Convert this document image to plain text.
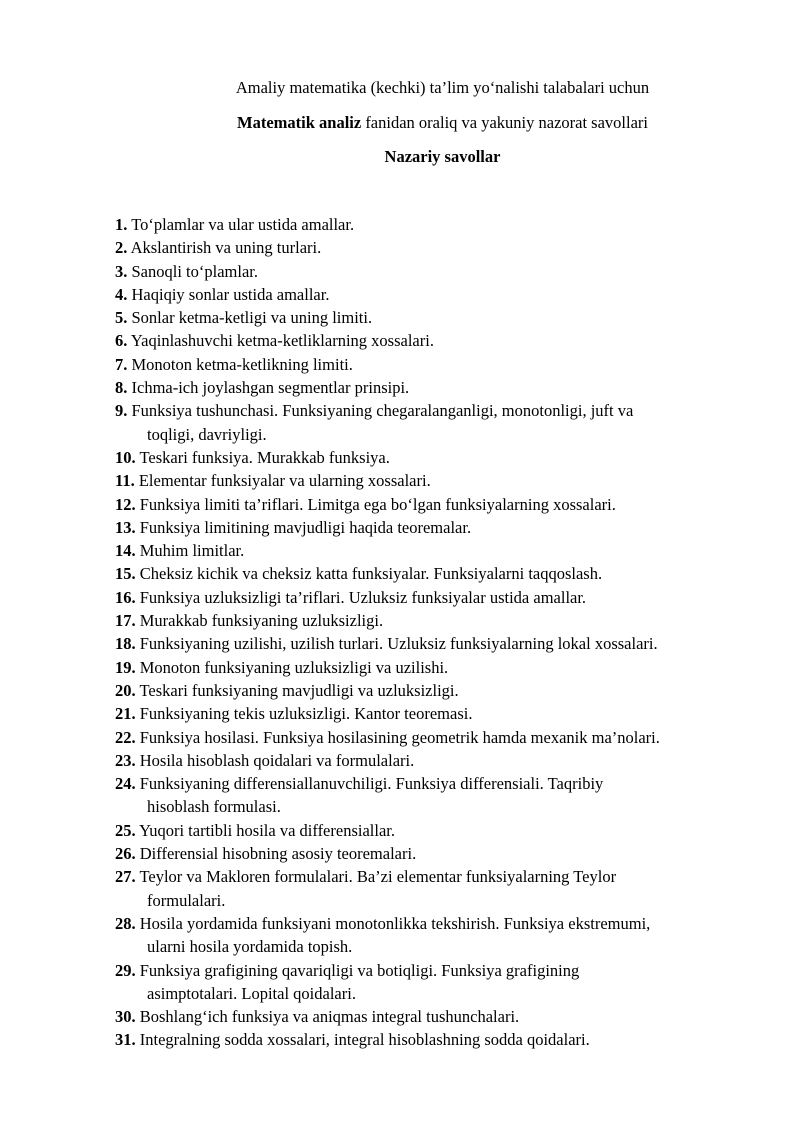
Amaliy matematika (kechki) ta’lim yo‘nalishi talabalari uchun
Matematik analiz fanidan oraliq va yakuniy nazorat savollari
Nazariy savollar
1. To‘plamlar va ular ustida amallar.
2. Akslantirish va uning turlari.
3. Sanoqli to‘plamlar.
4. Haqiqiy sonlar ustida amallar.
5. Sonlar ketma-ketligi va uning limiti.
6. Yaqinlashuvchi ketma-ketliklarning xossalari.
7. Monoton ketma-ketlikning limiti.
8. Ichma-ich joylashgan segmentlar prinsipi.
9. Funksiya tushunchasi. Funksiyaning chegaralanganligi, monotonligi, juft va
toqligi, davriyligi.
10. Teskari funksiya. Murakkab funksiya.
11. Elementar funksiyalar va ularning xossalari.
12. Funksiya limiti ta’riflari. Limitga ega bo‘lgan funksiyalarning xossalari.
13. Funksiya limitining mavjudligi haqida teoremalar.
14. Muhim limitlar.
15. Cheksiz kichik va cheksiz katta funksiyalar. Funksiyalarni taqqoslash.
16. Funksiya uzluksizligi ta’riflari. Uzluksiz funksiyalar ustida amallar.
17. Murakkab funksiyaning uzluksizligi.
18. Funksiyaning uzilishi, uzilish turlari. Uzluksiz funksiyalarning lokal xossalari.
19. Monoton funksiyaning uzluksizligi va uzilishi.
20. Teskari funksiyaning mavjudligi va uzluksizligi.
21. Funksiyaning tekis uzluksizligi. Kantor teoremasi.
22. Funksiya hosilasi. Funksiya hosilasining geometrik hamda mexanik ma’nolari.
23. Hosila hisoblash qoidalari va formulalari.
24. Funksiyaning differensiallanuvchiligi. Funksiya differensiali. Taqribiy
hisoblash formulasi.
25. Yuqori tartibli hosila va differensiallar.
26. Differensial hisobning asosiy teoremalari.
27. Teylor va Makloren formulalari. Ba’zi elementar funksiyalarning Teylor
formulalari.
28. Hosila yordamida funksiyani monotonlikka tekshirish. Funksiya ekstremumi,
ularni hosila yordamida topish.
29. Funksiya grafigining qavariqligi va botiqligi. Funksiya grafigining
asimptotalari. Lopital qoidalari.
30. Boshlang‘ich funksiya va aniqmas integral tushunchalari.
31. Integralning sodda xossalari, integral hisoblashning sodda qoidalari.
